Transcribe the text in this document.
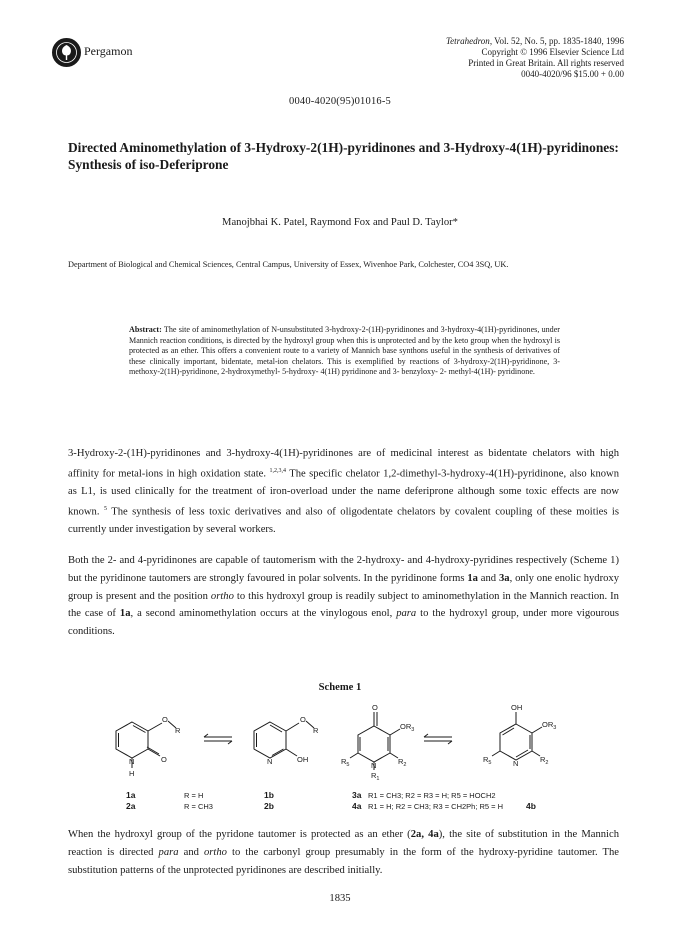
Pergamon
Tetrahedron, Vol. 52, No. 5, pp. 1835-1840, 1996
Copyright © 1996 Elsevier Science Ltd
Printed in Great Britain. All rights reserved
0040-4020/96 $15.00 + 0.00
0040-4020(95)01016-5
Directed Aminomethylation of 3-Hydroxy-2(1H)-pyridinones and 3-Hydroxy-4(1H)-pyridinones: Synthesis of iso-Deferiprone
Manojbhai K. Patel, Raymond Fox and Paul D. Taylor*
Department of Biological and Chemical Sciences, Central Campus, University of Essex, Wivenhoe Park, Colchester, CO4 3SQ, UK.
Abstract: The site of aminomethylation of N-unsubstituted 3-hydroxy-2-(1H)-pyridinones and 3-hydroxy-4(1H)-pyridinones, under Mannich reaction conditions, is directed by the hydroxyl group when this is unprotected and by the keto group when the hydroxyl is protected as an ether. This offers a convenient route to a variety of Mannich base synthons useful in the synthesis of derivatives of these clinically important, bidentate, metal-ion chelators. This is exemplified by reactions of 3-hydroxy-2(1H)-pyridinone, 3-methoxy-2(1H)-pyridinone, 2-hydroxymethyl- 5-hydroxy- 4(1H) pyridinone and 3- benzyloxy- 2- methyl-4(1H)- pyridinone.
3-Hydroxy-2-(1H)-pyridinones and 3-hydroxy-4(1H)-pyridinones are of medicinal interest as bidentate chelators with high affinity for metal-ions in high oxidation state. $^{1,2,3,4}$ The specific chelator 1,2-dimethyl-3-hydroxy-4(1H)-pyridinone, also known as L1, is used clinically for the treatment of iron-overload under the name deferiprone although some toxic effects are now known. $^5$ The synthesis of less toxic derivatives and also of oligodentate chelators by covalent coupling of these moities is currently under investigation by several workers.
Both the 2- and 4-pyridinones are capable of tautomerism with the 2-hydroxy- and 4-hydroxy-pyridines respectively (Scheme 1) but the pyridinone tautomers are strongly favoured in polar solvents. In the pyridinone forms 1a and 3a, only one enolic hydroxy group is present and the position ortho to this hydroxyl group is readily subject to aminomethylation in the Mannich reaction. In the case of 1a, a second aminomethylation occurs at the vinylogous enol, para to the hydroxyl group, under more vigourous conditions.
Scheme 1
O
R
O
N
H
O
R
OH
N
O
$OR_3$
N
$R_1$
$R_2$
$R_5$
OH
$OR_3$
N	$R_2$
$R_5$
1a
2a
R = H
R = CH3
1b
2b
3a
4a
R1 = CH3; R2 = R3 = H; R5 = HOCH2
R1 = H; R2 = CH3; R3 = CH2Ph; R5 = H	4b
When the hydroxyl group of the pyridone tautomer is protected as an ether (2a, 4a), the site of substitution in the Mannich reaction is directed para and ortho to the carbonyl group presumably in the form of the hydroxy-pyridine tautomer. The substitution patterns of the unprotected pyridinones are described initially.
1835
